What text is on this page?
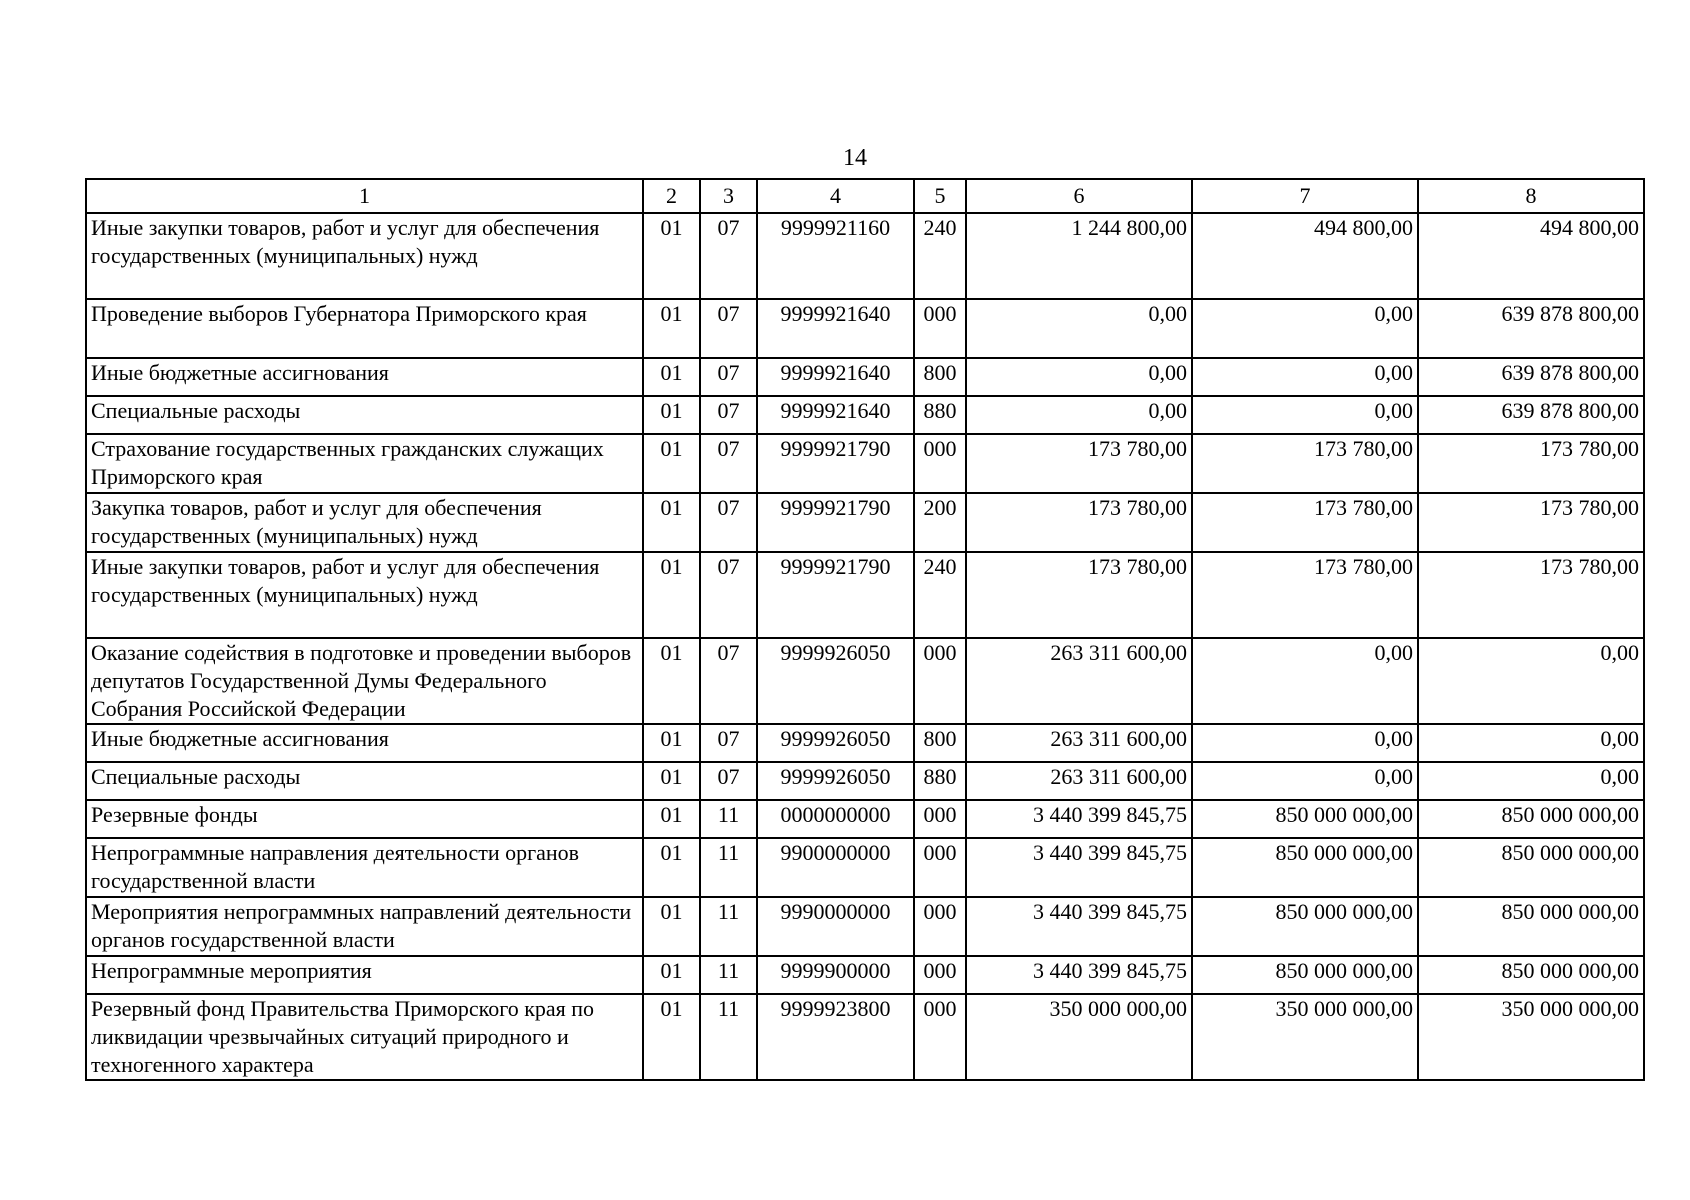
14
1	2	3	4	5	6	7	8
Иные закупки товаров, работ и услуг для обеспечения государственных (муниципальных) нужд	01	07	9999921160	240	1 244 800,00	494 800,00	494 800,00
Проведение выборов Губернатора Приморского края	01	07	9999921640	000	0,00	0,00	639 878 800,00
Иные бюджетные ассигнования	01	07	9999921640	800	0,00	0,00	639 878 800,00
Специальные расходы	01	07	9999921640	880	0,00	0,00	639 878 800,00
Страхование государственных гражданских служащих Приморского края	01	07	9999921790	000	173 780,00	173 780,00	173 780,00
Закупка товаров, работ и услуг для обеспечения государственных (муниципальных) нужд	01	07	9999921790	200	173 780,00	173 780,00	173 780,00
Иные закупки товаров, работ и услуг для обеспечения государственных (муниципальных) нужд	01	07	9999921790	240	173 780,00	173 780,00	173 780,00
Оказание содействия в подготовке и проведении выборов депутатов Государственной Думы Федерального Собрания Российской Федерации	01	07	9999926050	000	263 311 600,00	0,00	0,00
Иные бюджетные ассигнования	01	07	9999926050	800	263 311 600,00	0,00	0,00
Специальные расходы	01	07	9999926050	880	263 311 600,00	0,00	0,00
Резервные фонды	01	11	0000000000	000	3 440 399 845,75	850 000 000,00	850 000 000,00
Непрограммные направления деятельности органов государственной власти	01	11	9900000000	000	3 440 399 845,75	850 000 000,00	850 000 000,00
Мероприятия непрограммных направлений деятельности органов государственной власти	01	11	9990000000	000	3 440 399 845,75	850 000 000,00	850 000 000,00
Непрограммные мероприятия	01	11	9999900000	000	3 440 399 845,75	850 000 000,00	850 000 000,00
Резервный фонд Правительства Приморского края по ликвидации чрезвычайных ситуаций природного и техногенного характера	01	11	9999923800	000	350 000 000,00	350 000 000,00	350 000 000,00
